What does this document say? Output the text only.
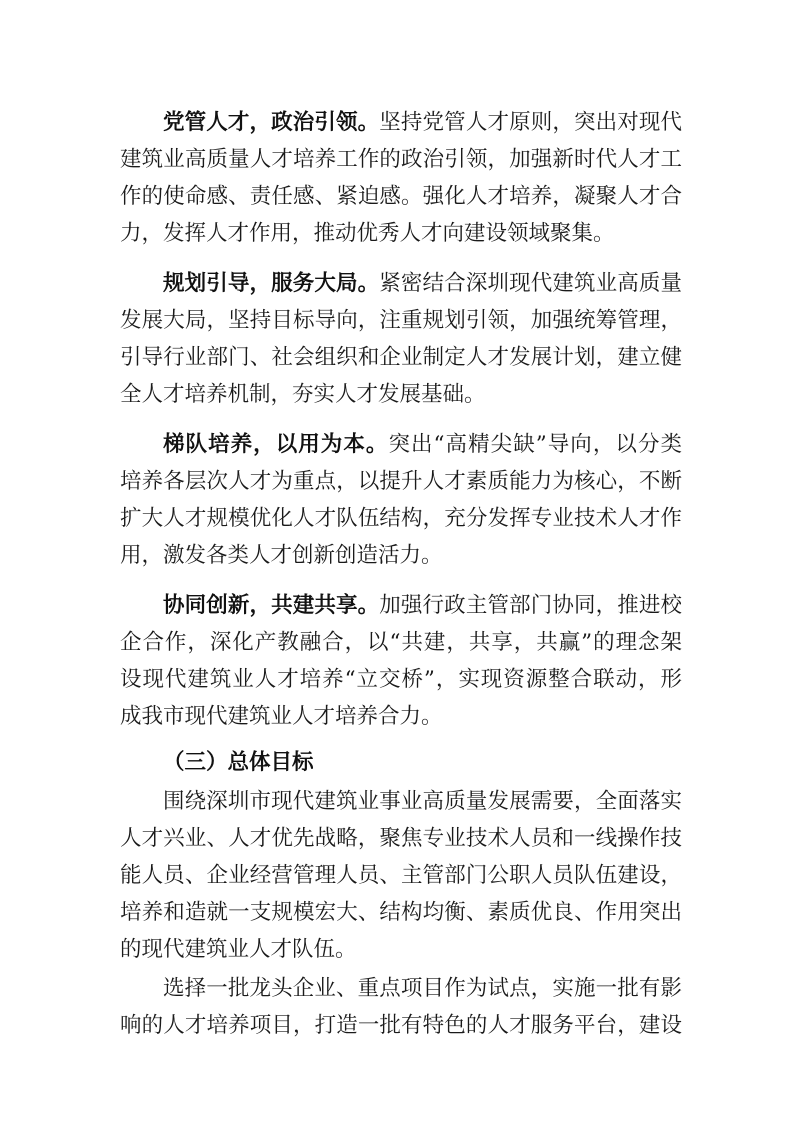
党管人才，政治引领。坚持党管人才原则，突出对现代
建筑业高质量人才培养工作的政治引领，加强新时代人才工
作的使命感、责任感、紧迫感。强化人才培养，凝聚人才合
力，发挥人才作用，推动优秀人才向建设领域聚集。
规划引导，服务大局。紧密结合深圳现代建筑业高质量
发展大局，坚持目标导向，注重规划引领，加强统筹管理，
引导行业部门、社会组织和企业制定人才发展计划，建立健
全人才培养机制，夯实人才发展基础。
梯队培养，以用为本。突出“高精尖缺”导向，以分类
培养各层次人才为重点，以提升人才素质能力为核心，不断
扩大人才规模优化人才队伍结构，充分发挥专业技术人才作
用，激发各类人才创新创造活力。
协同创新，共建共享。加强行政主管部门协同，推进校
企合作，深化产教融合，以“共建，共享，共赢”的理念架
设现代建筑业人才培养“立交桥”，实现资源整合联动，形
成我市现代建筑业人才培养合力。
（三）总体目标
围绕深圳市现代建筑业事业高质量发展需要，全面落实
人才兴业、人才优先战略，聚焦专业技术人员和一线操作技
能人员、企业经营管理人员、主管部门公职人员队伍建设，
培养和造就一支规模宏大、结构均衡、素质优良、作用突出
的现代建筑业人才队伍。
选择一批龙头企业、重点项目作为试点，实施一批有影
响的人才培养项目，打造一批有特色的人才服务平台，建设
